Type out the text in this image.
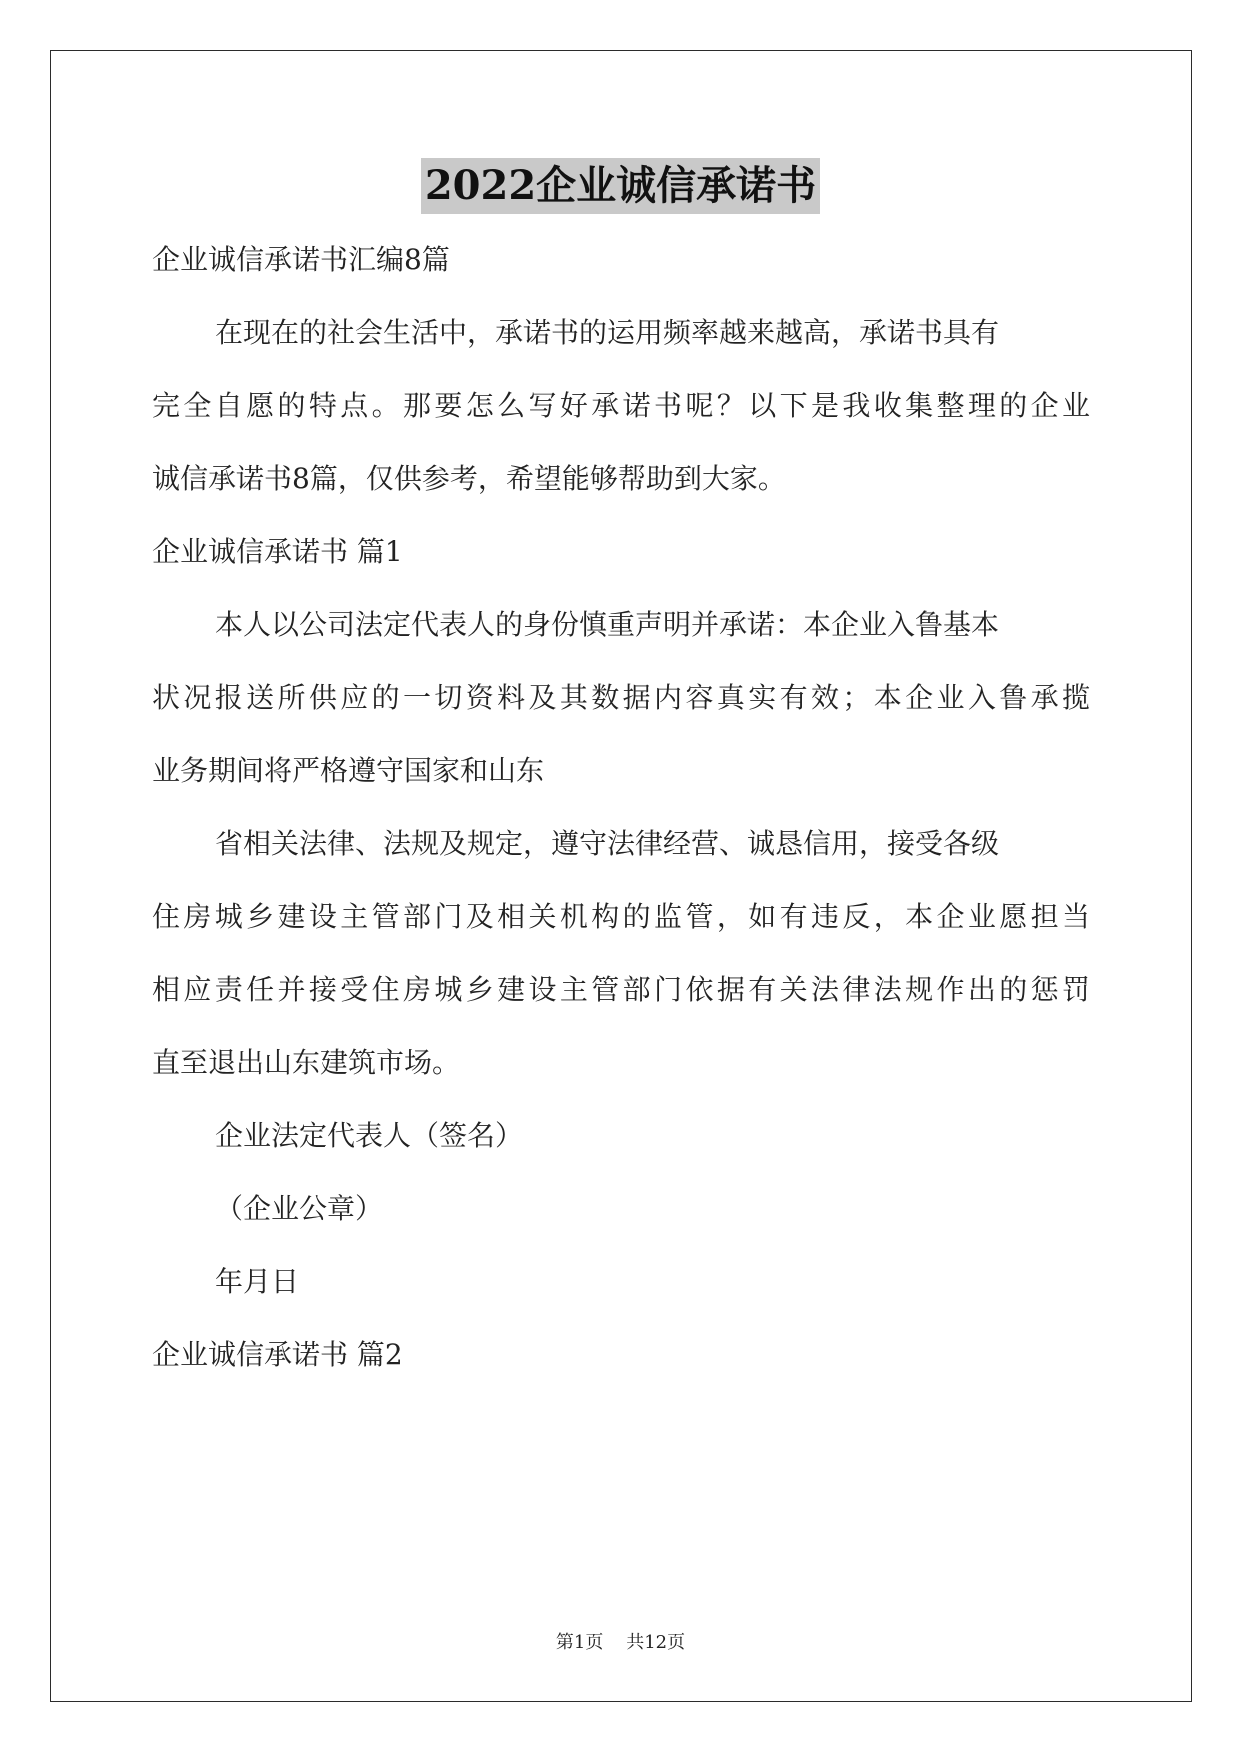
2022企业诚信承诺书
企业诚信承诺书汇编8篇
在现在的社会生活中，承诺书的运用频率越来越高，承诺书具有
完全自愿的特点。那要怎么写好承诺书呢？以下是我收集整理的企业
诚信承诺书8篇，仅供参考，希望能够帮助到大家。
企业诚信承诺书 篇1
本人以公司法定代表人的身份慎重声明并承诺：本企业入鲁基本
状况报送所供应的一切资料及其数据内容真实有效；本企业入鲁承揽
业务期间将严格遵守国家和山东
省相关法律、法规及规定，遵守法律经营、诚恳信用，接受各级
住房城乡建设主管部门及相关机构的监管，如有违反，本企业愿担当
相应责任并接受住房城乡建设主管部门依据有关法律法规作出的惩罚
直至退出山东建筑市场。
企业法定代表人（签名）
（企业公章）
年月日
企业诚信承诺书 篇2
第1页    共12页
